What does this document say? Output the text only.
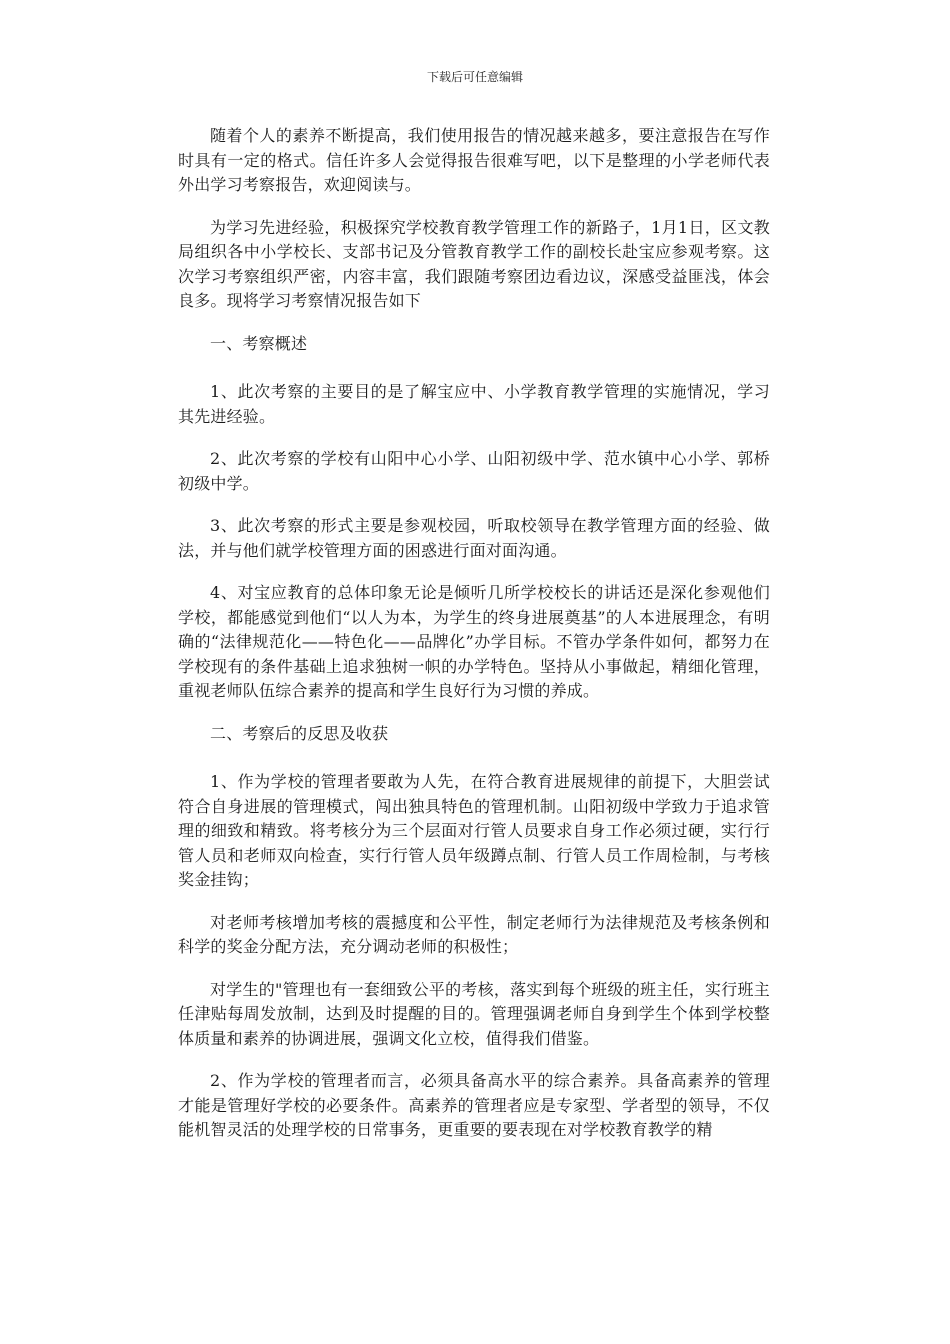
下载后可任意编辑

随着个人的素养不断提高，我们使用报告的情况越来越多，要注意报告在写作时具有一定的格式。信任许多人会觉得报告很难写吧，以下是整理的小学老师代表外出学习考察报告，欢迎阅读与。

为学习先进经验，积极探究学校教育教学管理工作的新路子，1月1日，区文教局组织各中小学校长、支部书记及分管教育教学工作的副校长赴宝应参观考察。这次学习考察组织严密，内容丰富，我们跟随考察团边看边议，深感受益匪浅，体会良多。现将学习考察情况报告如下

一、考察概述

1、此次考察的主要目的是了解宝应中、小学教育教学管理的实施情况，学习其先进经验。

2、此次考察的学校有山阳中心小学、山阳初级中学、范水镇中心小学、郭桥初级中学。

3、此次考察的形式主要是参观校园，听取校领导在教学管理方面的经验、做法，并与他们就学校管理方面的困惑进行面对面沟通。

4、对宝应教育的总体印象无论是倾听几所学校校长的讲话还是深化参观他们学校，都能感觉到他们“以人为本，为学生的终身进展奠基”的人本进展理念，有明确的“法律规范化——特色化——品牌化”办学目标。不管办学条件如何，都努力在学校现有的条件基础上追求独树一帜的办学特色。坚持从小事做起，精细化管理，重视老师队伍综合素养的提高和学生良好行为习惯的养成。

二、考察后的反思及收获

1、作为学校的管理者要敢为人先，在符合教育进展规律的前提下，大胆尝试符合自身进展的管理模式，闯出独具特色的管理机制。山阳初级中学致力于追求管理的细致和精致。将考核分为三个层面对行管人员要求自身工作必须过硬，实行行管人员和老师双向检查，实行行管人员年级蹲点制、行管人员工作周检制，与考核奖金挂钩；

对老师考核增加考核的震撼度和公平性，制定老师行为法律规范及考核条例和科学的奖金分配方法，充分调动老师的积极性；

对学生的"管理也有一套细致公平的考核，落实到每个班级的班主任，实行班主任津贴每周发放制，达到及时提醒的目的。管理强调老师自身到学生个体到学校整体质量和素养的协调进展，强调文化立校，值得我们借鉴。

2、作为学校的管理者而言，必须具备高水平的综合素养。具备高素养的管理才能是管理好学校的必要条件。高素养的管理者应是专家型、学者型的领导，不仅能机智灵活的处理学校的日常事务，更重要的要表现在对学校教育教学的精
